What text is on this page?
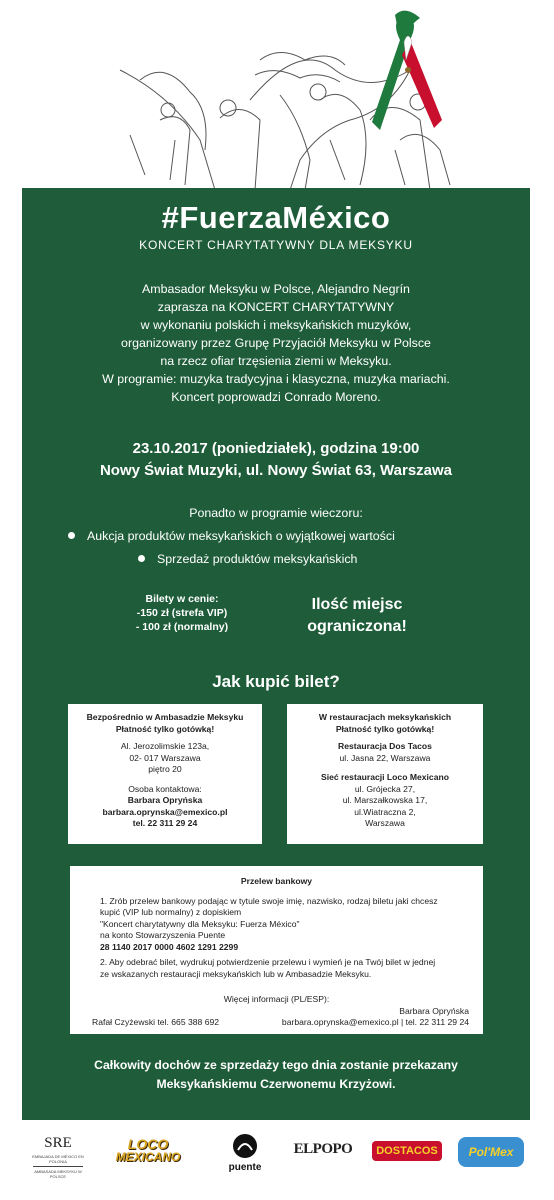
#FuerzaMéxico
KONCERT CHARYTATYWNY DLA MEKSYKU
Ambasador Meksyku w Polsce, Alejandro Negrín
zaprasza na KONCERT CHARYTATYWNY
w wykonaniu polskich i meksykańskich muzyków,
organizowany przez Grupę Przyjaciół Meksyku w Polsce
na rzecz ofiar trzęsienia ziemi w Meksyku.
W programie: muzyka tradycyjna i klasyczna, muzyka mariachi.
Koncert poprowadzi Conrado Moreno.
23.10.2017 (poniedziałek), godzina 19:00
Nowy Świat Muzyki, ul. Nowy Świat 63, Warszawa
Ponadto w programie wieczoru:
Aukcja produktów meksykańskich o wyjątkowej wartości
Sprzedaż produktów meksykańskich
Bilety w cenie:
-150 zł (strefa VIP)
- 100 zł (normalny)
Ilość miejsc
ograniczona!
Jak kupić bilet?
Bezpośrednio w Ambasadzie Meksyku
Płatność tylko gotówką!
Al. Jerozolimskie 123a,
02- 017 Warszawa
piętro 20
Osoba kontaktowa:
Barbara Opryńska
barbara.oprynska@emexico.pl
tel. 22 311 29 24
W restauracjach meksykańskich
Płatność tylko gotówką!
Restauracja Dos Tacos
ul. Jasna 22, Warszawa
Sieć restauracji Loco Mexicano
ul. Grójecka 27,
ul. Marszałkowska 17,
ul.Wiatraczna 2,
Warszawa
Przelew bankowy
1. Zrób przelew bankowy podając w tytule swoje imię, nazwisko, rodzaj biletu jaki chcesz
kupić (VIP lub normalny) z dopiskiem
"Koncert charytatywny dla Meksyku: Fuerza México"
na konto Stowarzyszenia Puente
28 1140 2017 0000 4602 1291 2299
2. Aby odebrać bilet, wydrukuj potwierdzenie przelewu i wymień je na Twój bilet w jednej
ze wskazanych restauracji meksykańskich lub w Ambasadzie Meksyku.
Więcej informacji (PL/ESP):
Barbara Opryńska
Rafał Czyżewski tel. 665 388 692	barbara.oprynska@emexico.pl | tel. 22 311 29 24
Całkowity dochów ze sprzedaży tego dnia zostanie przekazany
Meksykańskiemu Czerwonemu Krzyżowi.
SRE
EMBAJADA DE MÉXICO EN POLONIA
AMBASADA MEKSYKU W POLSCE
LOCO
MEXICANO
puente
ELPOPO	DOSTACOS	Pol'Mex
